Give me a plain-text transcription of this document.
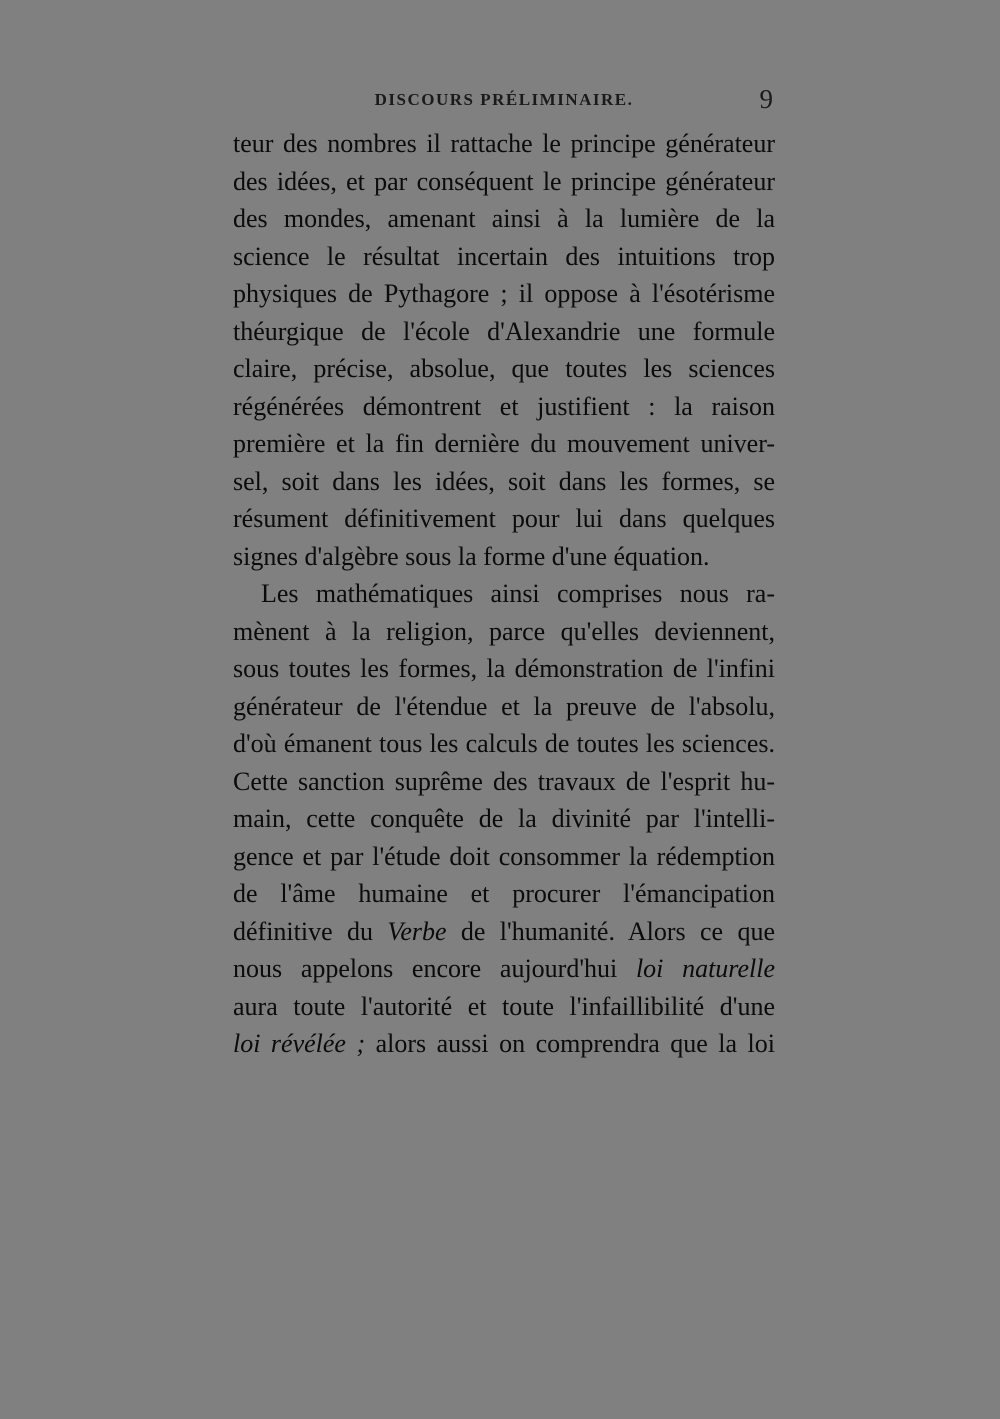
DISCOURS PRÉLIMINAIRE.	9
teur des nombres il rattache le principe générateur
des idées, et par conséquent le principe générateur
des mondes, amenant ainsi à la lumière de la
science le résultat incertain des intuitions trop
physiques de Pythagore ; il oppose à l'ésotérisme
théurgique de l'école d'Alexandrie une formule
claire, précise, absolue, que toutes les sciences
régénérées démontrent et justifient : la raison
première et la fin dernière du mouvement univer-
sel, soit dans les idées, soit dans les formes, se
résument définitivement pour lui dans quelques
signes d'algèbre sous la forme d'une équation.
Les mathématiques ainsi comprises nous ra-
mènent à la religion, parce qu'elles deviennent,
sous toutes les formes, la démonstration de l'infini
générateur de l'étendue et la preuve de l'absolu,
d'où émanent tous les calculs de toutes les sciences.
Cette sanction suprême des travaux de l'esprit hu-
main, cette conquête de la divinité par l'intelli-
gence et par l'étude doit consommer la rédemption
de l'âme humaine et procurer l'émancipation
définitive du Verbe de l'humanité. Alors ce que
nous appelons encore aujourd'hui loi naturelle
aura toute l'autorité et toute l'infaillibilité d'une
loi révélée ; alors aussi on comprendra que la loi
